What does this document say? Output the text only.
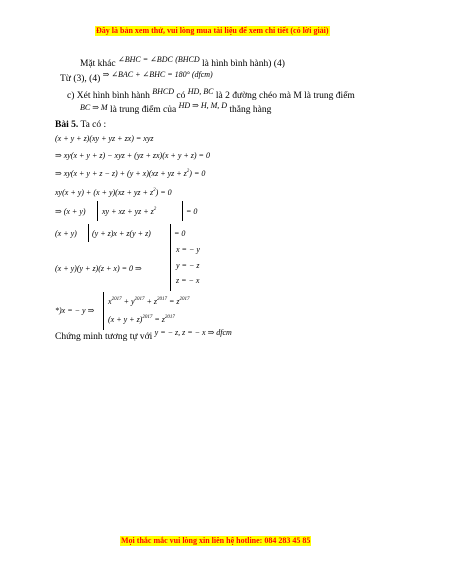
Đây là bản xem thử, vui lòng mua tài liệu để xem chi tiết (có lời giải)
Mặt khác $^{\angle BHC = \angle BDC}$ $^{(BHCD}$ là hình bình hành) (4)
Từ (3), (4) $^{\Rightarrow \angle BAC + \angle BHC = 180^\circ (dfcm)}$
c) Xét hình bình hành $^{BHCD}$ có $^{HD, BC}$ là 2 đường chéo mà M là trung điểm
$^{BC \Rightarrow M}$ là trung điểm của $^{HD \Rightarrow H, M, D}$ thẳng hàng
Bài 5. Ta có :
(x + y + z)(xy + yz + zx) = xyz
⇒ xy(x + y + z) − xyz + (yz + zx)(x + y + z) = 0
⇒ xy(x + y + z − z) + (y + x)(xz + yz + $z^2) = 0$
xy(x + y) + (x + y)(xz + yz + $z^2) = 0$
⇒ (x + y) xy + xz + yz + $z^2$	= 0
(x + y) (y + z)x + z(y + z)	= 0
(x + y)(y + z)(z + x) = 0 ⇒
x = − y
y = − z
z = − x
*)x = − y ⇒
$x^{2017} + y^{2017} + z^{2017} = z^{2017}$
$(x + y + z)^{2017} = z^{2017}$
Chứng minh tương tự với $^{y = - z, z = - x \Rightarrow dfcm}$
Mọi thắc mắc vui lòng xin liên hệ hotline: 084 283 45 85
